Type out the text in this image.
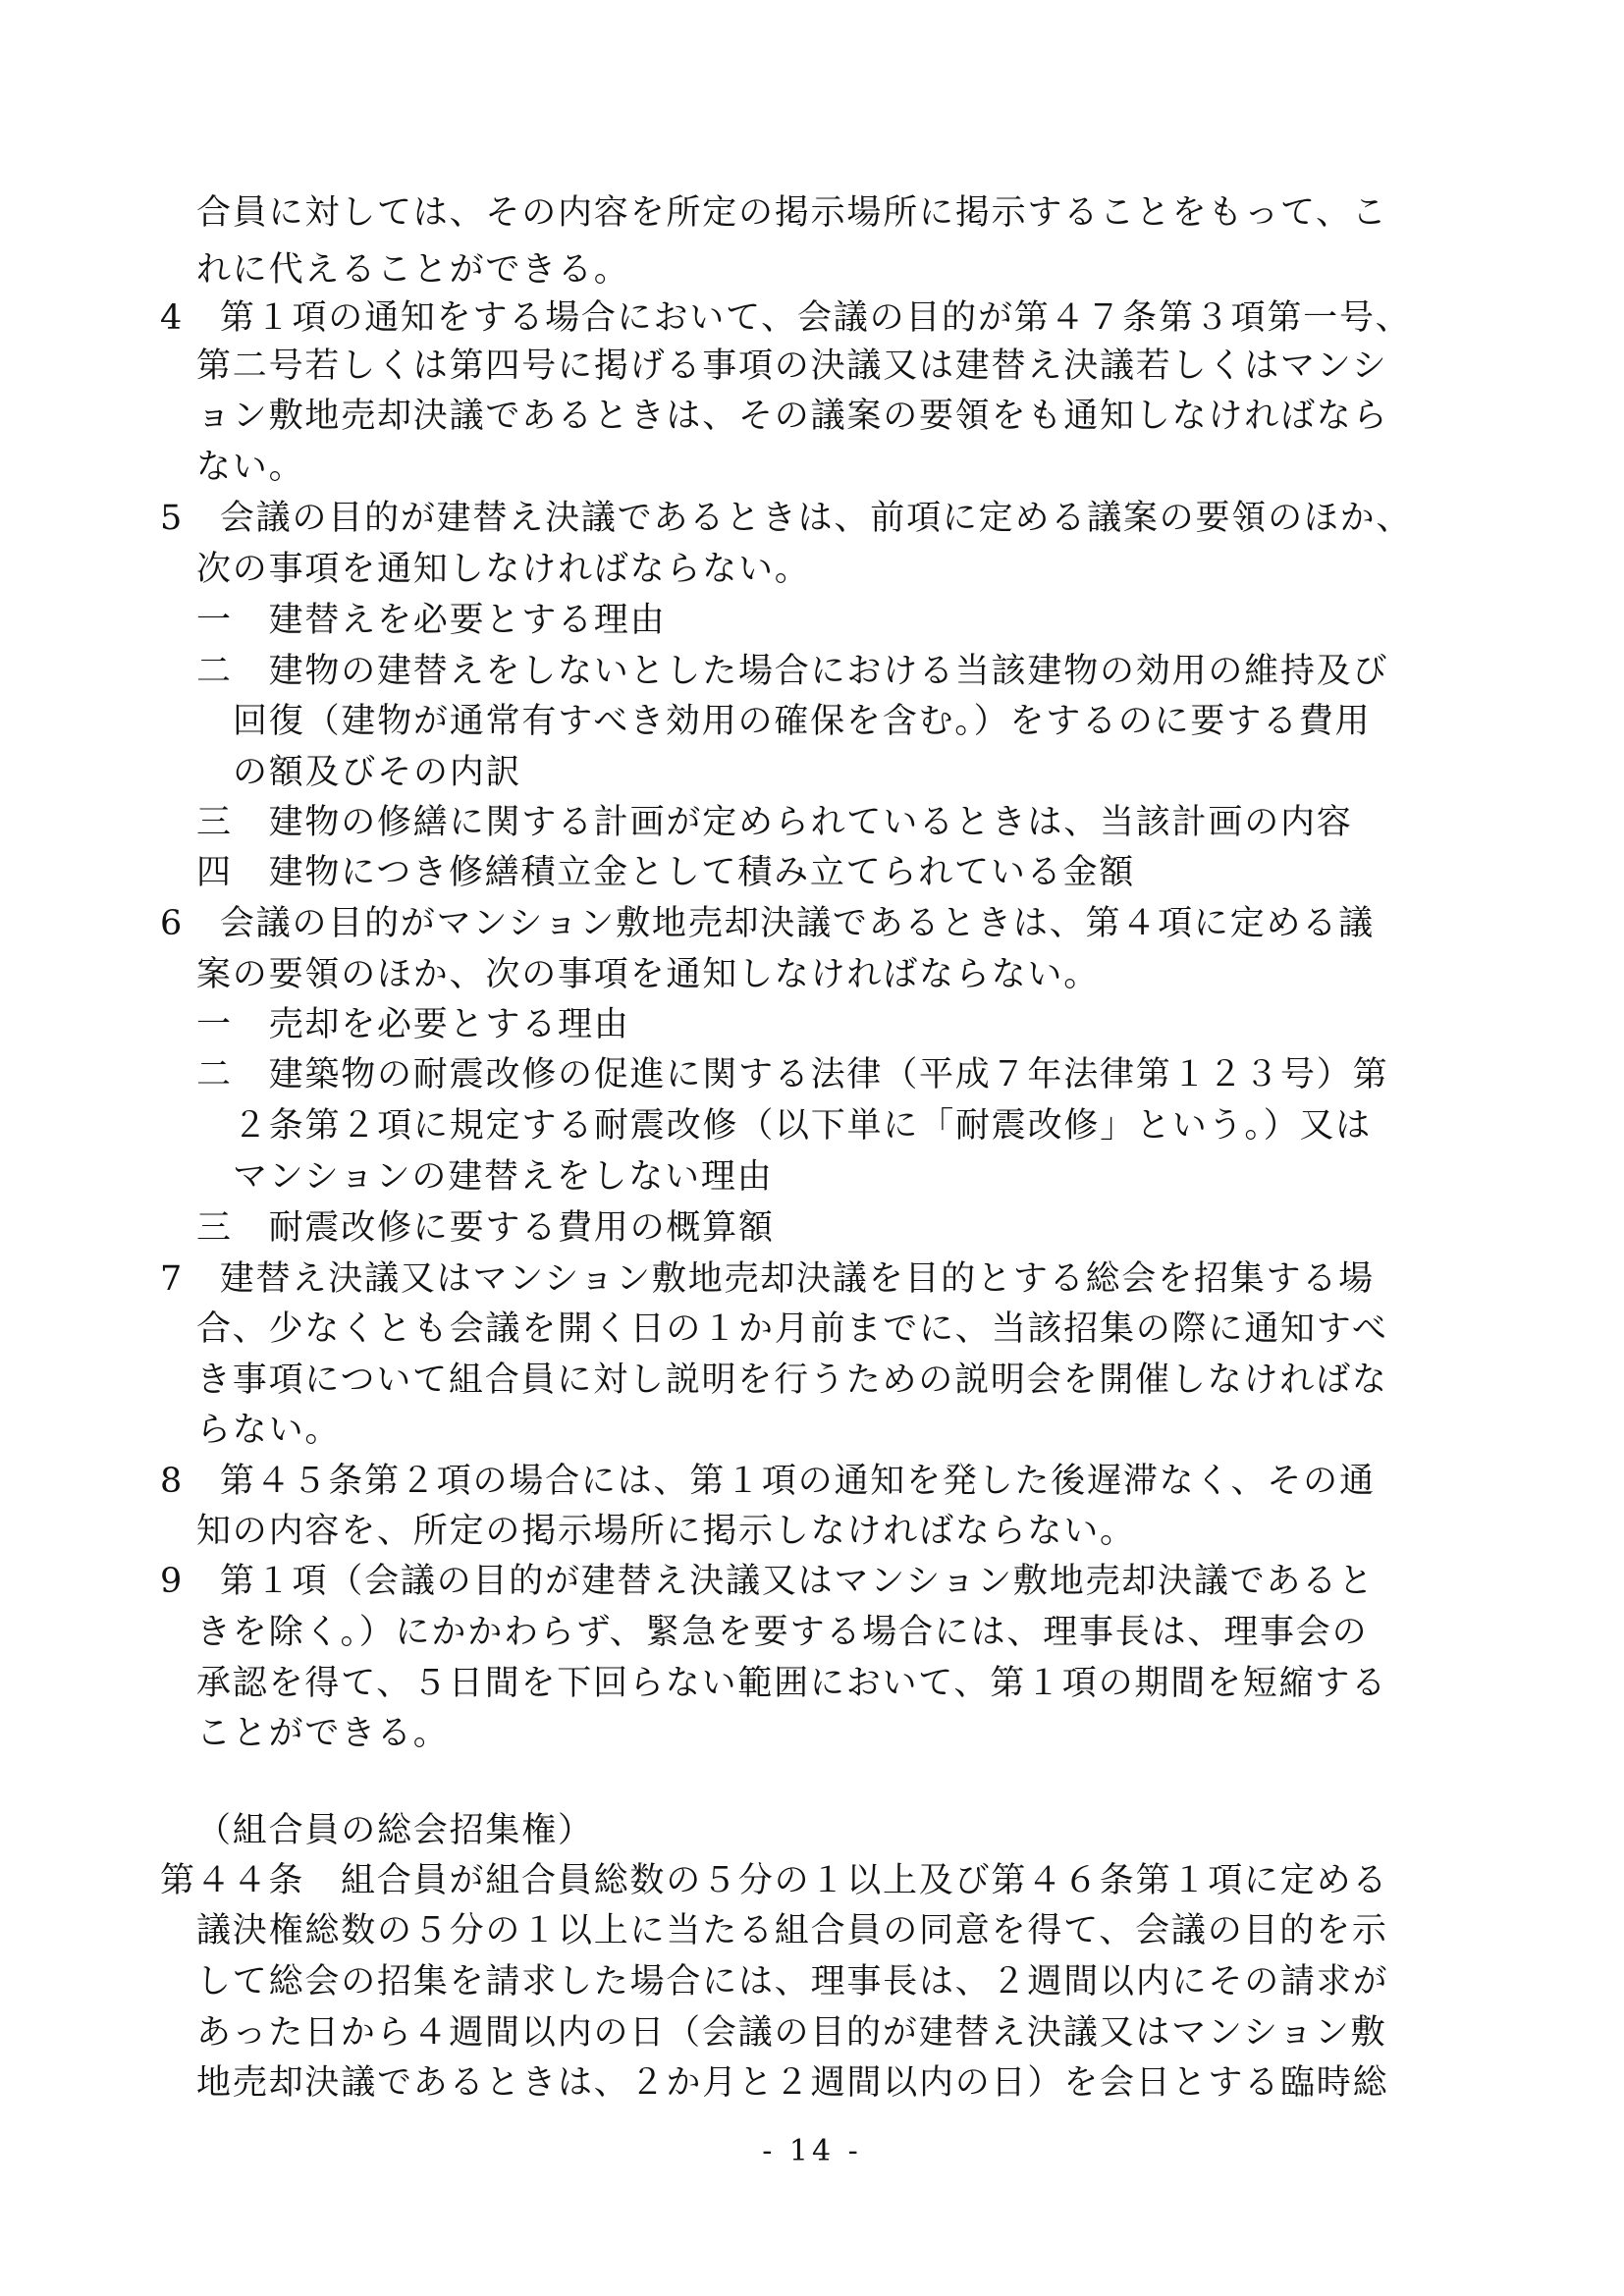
合員に対しては、その内容を所定の掲示場所に掲示することをもって、こ
れに代えることができる。
4　第１項の通知をする場合において、会議の目的が第４７条第３項第一号、
第二号若しくは第四号に掲げる事項の決議又は建替え決議若しくはマンシ
ョン敷地売却決議であるときは、その議案の要領をも通知しなければなら
ない。
5　会議の目的が建替え決議であるときは、前項に定める議案の要領のほか、
次の事項を通知しなければならない。
一　建替えを必要とする理由
二　建物の建替えをしないとした場合における当該建物の効用の維持及び
回復（建物が通常有すべき効用の確保を含む。）をするのに要する費用
の額及びその内訳
三　建物の修繕に関する計画が定められているときは、当該計画の内容
四　建物につき修繕積立金として積み立てられている金額
6　会議の目的がマンション敷地売却決議であるときは、第４項に定める議
案の要領のほか、次の事項を通知しなければならない。
一　売却を必要とする理由
二　建築物の耐震改修の促進に関する法律（平成７年法律第１２３号）第
２条第２項に規定する耐震改修（以下単に「耐震改修」という。）又は
マンションの建替えをしない理由
三　耐震改修に要する費用の概算額
7　建替え決議又はマンション敷地売却決議を目的とする総会を招集する場
合、少なくとも会議を開く日の１か月前までに、当該招集の際に通知すべ
き事項について組合員に対し説明を行うための説明会を開催しなければな
らない。
8　第４５条第２項の場合には、第１項の通知を発した後遅滞なく、その通
知の内容を、所定の掲示場所に掲示しなければならない。
9　第１項（会議の目的が建替え決議又はマンション敷地売却決議であると
きを除く。）にかかわらず、緊急を要する場合には、理事長は、理事会の
承認を得て、５日間を下回らない範囲において、第１項の期間を短縮する
ことができる。
（組合員の総会招集権）
第４４条　組合員が組合員総数の５分の１以上及び第４６条第１項に定める
議決権総数の５分の１以上に当たる組合員の同意を得て、会議の目的を示
して総会の招集を請求した場合には、理事長は、２週間以内にその請求が
あった日から４週間以内の日（会議の目的が建替え決議又はマンション敷
地売却決議であるときは、２か月と２週間以内の日）を会日とする臨時総
- 14 -
